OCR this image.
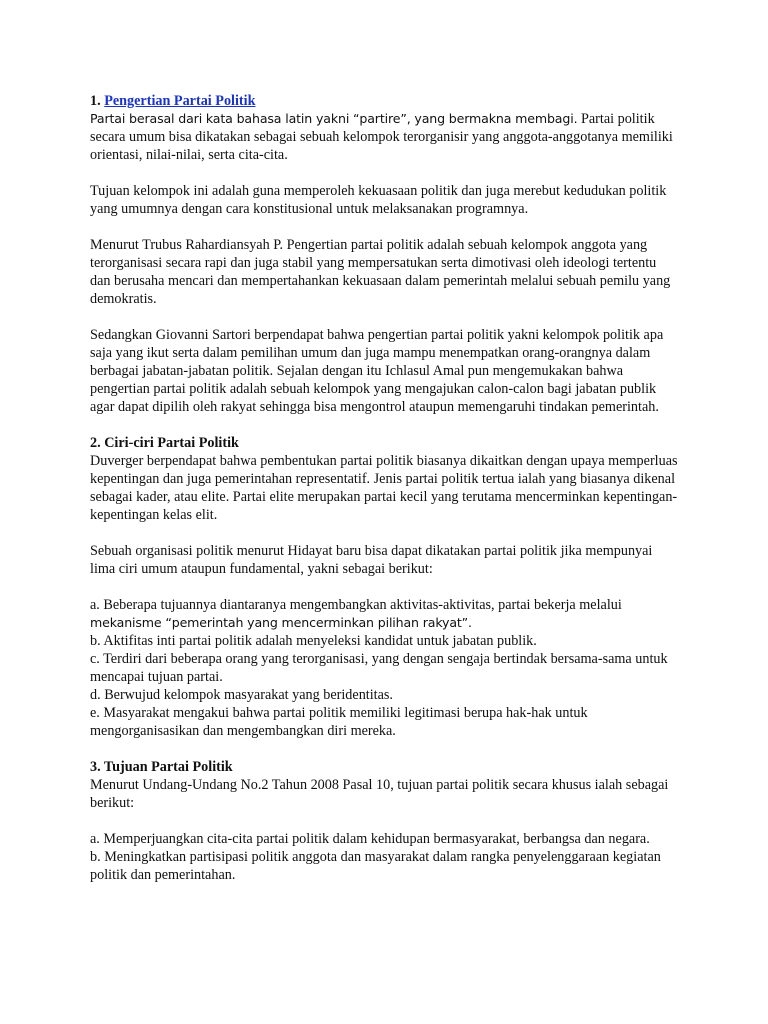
1. Pengertian Partai Politik

Partai berasal dari kata bahasa latin yakni “partire”, yang bermakna membagi. Partai politik secara umum bisa dikatakan sebagai sebuah kelompok terorganisir yang anggota-anggotanya memiliki orientasi, nilai-nilai, serta cita-cita.

Tujuan kelompok ini adalah guna memperoleh kekuasaan politik dan juga merebut kedudukan politik yang umumnya dengan cara konstitusional untuk melaksanakan programnya.

Menurut Trubus Rahardiansyah P. Pengertian partai politik adalah sebuah kelompok anggota yang terorganisasi secara rapi dan juga stabil yang mempersatukan serta dimotivasi oleh ideologi tertentu dan berusaha mencari dan mempertahankan kekuasaan dalam pemerintah melalui sebuah pemilu yang demokratis.

Sedangkan Giovanni Sartori berpendapat bahwa pengertian partai politik yakni kelompok politik apa saja yang ikut serta dalam pemilihan umum dan juga mampu menempatkan orang-orangnya dalam berbagai jabatan-jabatan politik. Sejalan dengan itu Ichlasul Amal pun mengemukakan bahwa pengertian partai politik adalah sebuah kelompok yang mengajukan calon-calon bagi jabatan publik agar dapat dipilih oleh rakyat sehingga bisa mengontrol ataupun memengaruhi tindakan pemerintah.

2. Ciri-ciri Partai Politik

Duverger berpendapat bahwa pembentukan partai politik biasanya dikaitkan dengan upaya memperluas kepentingan dan juga pemerintahan representatif. Jenis partai politik tertua ialah yang biasanya dikenal sebagai kader, atau elite. Partai elite merupakan partai kecil yang terutama mencerminkan kepentingan-kepentingan kelas elit.

Sebuah organisasi politik menurut Hidayat baru bisa dapat dikatakan partai politik jika mempunyai lima ciri umum ataupun fundamental, yakni sebagai berikut:

a. Beberapa tujuannya diantaranya mengembangkan aktivitas-aktivitas, partai bekerja melalui mekanisme “pemerintah yang mencerminkan pilihan rakyat”.

b. Aktifitas inti partai politik adalah menyeleksi kandidat untuk jabatan publik.

c. Terdiri dari beberapa orang yang terorganisasi, yang dengan sengaja bertindak bersama-sama untuk mencapai tujuan partai.

d. Berwujud kelompok masyarakat yang beridentitas.

e. Masyarakat mengakui bahwa partai politik memiliki legitimasi berupa hak-hak untuk mengorganisasikan dan mengembangkan diri mereka.

3. Tujuan Partai Politik

Menurut Undang-Undang No.2 Tahun 2008 Pasal 10, tujuan partai politik secara khusus ialah sebagai berikut:

a. Memperjuangkan cita-cita partai politik dalam kehidupan bermasyarakat, berbangsa dan negara.

b. Meningkatkan partisipasi politik anggota dan masyarakat dalam rangka penyelenggaraan kegiatan politik dan pemerintahan.
